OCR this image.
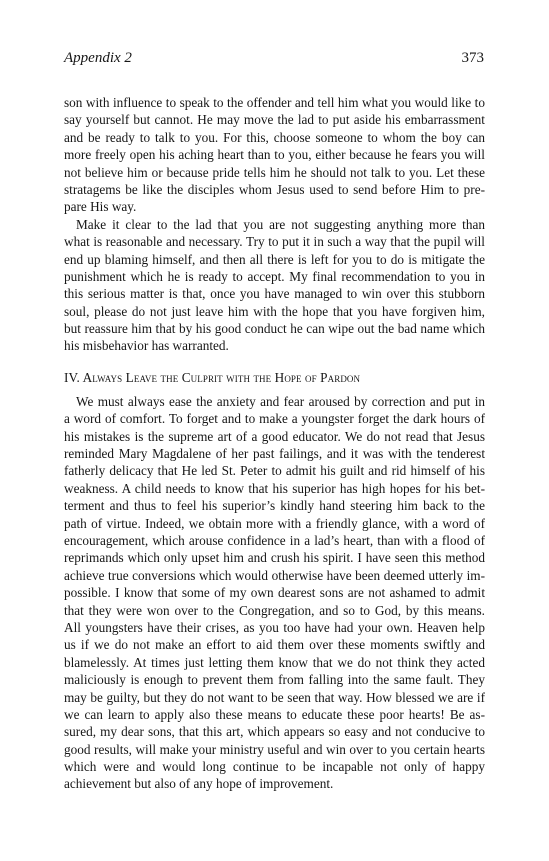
Appendix 2	373
son with influence to speak to the offender and tell him what you would like to
say yourself but cannot. He may move the lad to put aside his embarrassment
and be ready to talk to you. For this, choose someone to whom the boy can
more freely open his aching heart than to you, either because he fears you will
not believe him or because pride tells him he should not talk to you. Let these
stratagems be like the disciples whom Jesus used to send before Him to pre-
pare His way.
Make it clear to the lad that you are not suggesting anything more than
what is reasonable and necessary. Try to put it in such a way that the pupil will
end up blaming himself, and then all there is left for you to do is mitigate the
punishment which he is ready to accept. My final recommendation to you in
this serious matter is that, once you have managed to win over this stubborn
soul, please do not just leave him with the hope that you have forgiven him,
but reassure him that by his good conduct he can wipe out the bad name which
his misbehavior has warranted.
IV. Always Leave the Culprit with the Hope of Pardon
We must always ease the anxiety and fear aroused by correction and put in
a word of comfort. To forget and to make a youngster forget the dark hours of
his mistakes is the supreme art of a good educator. We do not read that Jesus
reminded Mary Magdalene of her past failings, and it was with the tenderest
fatherly delicacy that He led St. Peter to admit his guilt and rid himself of his
weakness. A child needs to know that his superior has high hopes for his bet-
terment and thus to feel his superior’s kindly hand steering him back to the
path of virtue. Indeed, we obtain more with a friendly glance, with a word of
encouragement, which arouse confidence in a lad’s heart, than with a flood of
reprimands which only upset him and crush his spirit. I have seen this method
achieve true conversions which would otherwise have been deemed utterly im-
possible. I know that some of my own dearest sons are not ashamed to admit
that they were won over to the Congregation, and so to God, by this means.
All youngsters have their crises, as you too have had your own. Heaven help
us if we do not make an effort to aid them over these moments swiftly and
blamelessly. At times just letting them know that we do not think they acted
maliciously is enough to prevent them from falling into the same fault. They
may be guilty, but they do not want to be seen that way. How blessed we are if
we can learn to apply also these means to educate these poor hearts! Be as-
sured, my dear sons, that this art, which appears so easy and not conducive to
good results, will make your ministry useful and win over to you certain hearts
which were and would long continue to be incapable not only of happy
achievement but also of any hope of improvement.
